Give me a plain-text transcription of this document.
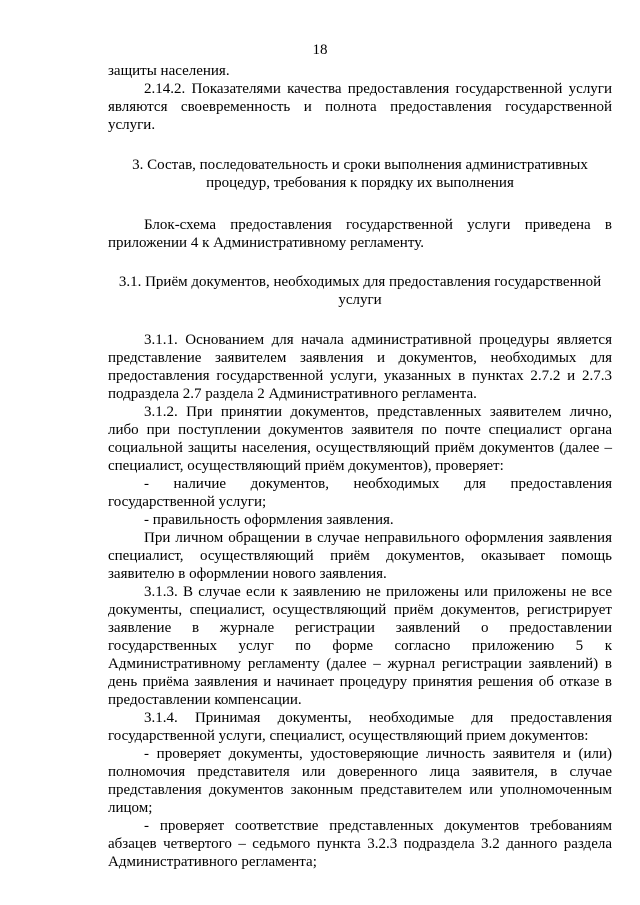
18

защиты населения.

2.14.2. Показателями качества предоставления государственной услуги являются своевременность и полнота предоставления государственной услуги.

3. Состав, последовательность и сроки выполнения административных процедур, требования к порядку их выполнения

Блок-схема предоставления государственной услуги приведена в приложении 4 к Административному регламенту.

3.1. Приём документов, необходимых для предоставления государственной услуги

3.1.1. Основанием для начала административной процедуры является представление заявителем заявления и документов, необходимых для предоставления государственной услуги, указанных в пунктах 2.7.2 и 2.7.3 подраздела 2.7 раздела 2 Административного регламента.

3.1.2. При принятии документов, представленных заявителем лично, либо при поступлении документов заявителя по почте специалист органа социальной защиты населения, осуществляющий приём документов (далее – специалист, осуществляющий приём документов), проверяет:

- наличие документов, необходимых для предоставления государственной услуги;

- правильность оформления заявления.

При личном обращении в случае неправильного оформления заявления специалист, осуществляющий приём документов, оказывает помощь заявителю в оформлении нового заявления.

3.1.3. В случае если к заявлению не приложены или приложены не все документы, специалист, осуществляющий приём документов, регистрирует заявление в журнале регистрации заявлений о предоставлении государственных услуг по форме согласно приложению 5 к Административному регламенту (далее – журнал регистрации заявлений) в день приёма заявления и начинает процедуру принятия решения об отказе в предоставлении компенсации.

3.1.4. Принимая документы, необходимые для предоставления государственной услуги, специалист, осуществляющий прием документов:

- проверяет документы, удостоверяющие личность заявителя и (или) полномочия представителя или доверенного лица заявителя, в случае представления документов законным представителем или уполномоченным лицом;

- проверяет соответствие представленных документов требованиям абзацев четвертого – седьмого пункта 3.2.3 подраздела 3.2 данного раздела Административного регламента;
